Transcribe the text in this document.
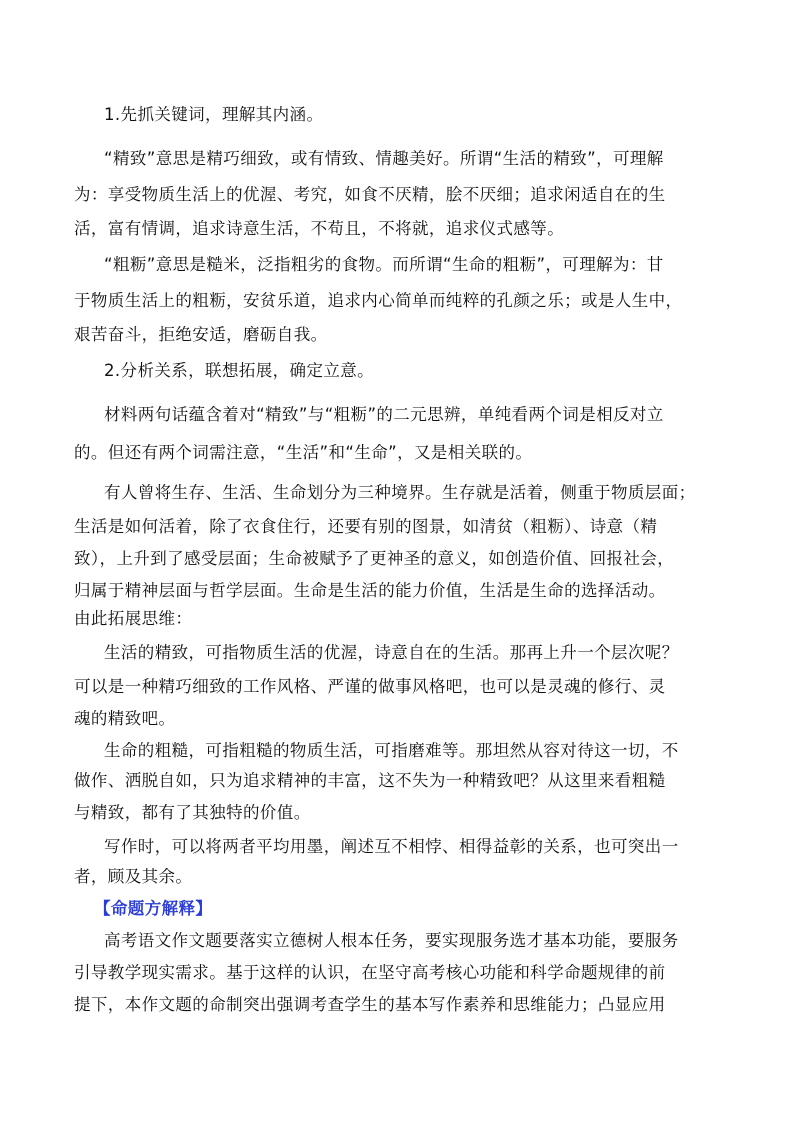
1.先抓关键词，理解其内涵。
“精致”意思是精巧细致，或有情致、情趣美好。所谓“生活的精致”，可理解
为：享受物质生活上的优渥、考究，如食不厌精，脍不厌细；追求闲适自在的生
活，富有情调，追求诗意生活，不苟且，不将就，追求仪式感等。
“粗粝”意思是糙米，泛指粗劣的食物。而所谓“生命的粗粝”，可理解为：甘
于物质生活上的粗粝，安贫乐道，追求内心简单而纯粹的孔颜之乐；或是人生中，
艰苦奋斗，拒绝安适，磨砺自我。
2.分析关系，联想拓展，确定立意。
材料两句话蕴含着对“精致”与“粗粝”的二元思辨，单纯看两个词是相反对立
的。但还有两个词需注意，“生活”和“生命”，又是相关联的。
有人曾将生存、生活、生命划分为三种境界。生存就是活着，侧重于物质层面；
生活是如何活着，除了衣食住行，还要有别的图景，如清贫（粗粝）、诗意（精
致），上升到了感受层面；生命被赋予了更神圣的意义，如创造价值、回报社会，
归属于精神层面与哲学层面。生命是生活的能力价值，生活是生命的选择活动。
由此拓展思维：
生活的精致，可指物质生活的优渥，诗意自在的生活。那再上升一个层次呢？
可以是一种精巧细致的工作风格、严谨的做事风格吧，也可以是灵魂的修行、灵
魂的精致吧。
生命的粗糙，可指粗糙的物质生活，可指磨难等。那坦然从容对待这一切，不
做作、洒脱自如，只为追求精神的丰富，这不失为一种精致吧？从这里来看粗糙
与精致，都有了其独特的价值。
写作时，可以将两者平均用墨，阐述互不相悖、相得益彰的关系，也可突出一
者，顾及其余。
【命题方解释】
高考语文作文题要落实立德树人根本任务，要实现服务选才基本功能，要服务
引导教学现实需求。基于这样的认识，在坚守高考核心功能和科学命题规律的前
提下，本作文题的命制突出强调考查学生的基本写作素养和思维能力；凸显应用
